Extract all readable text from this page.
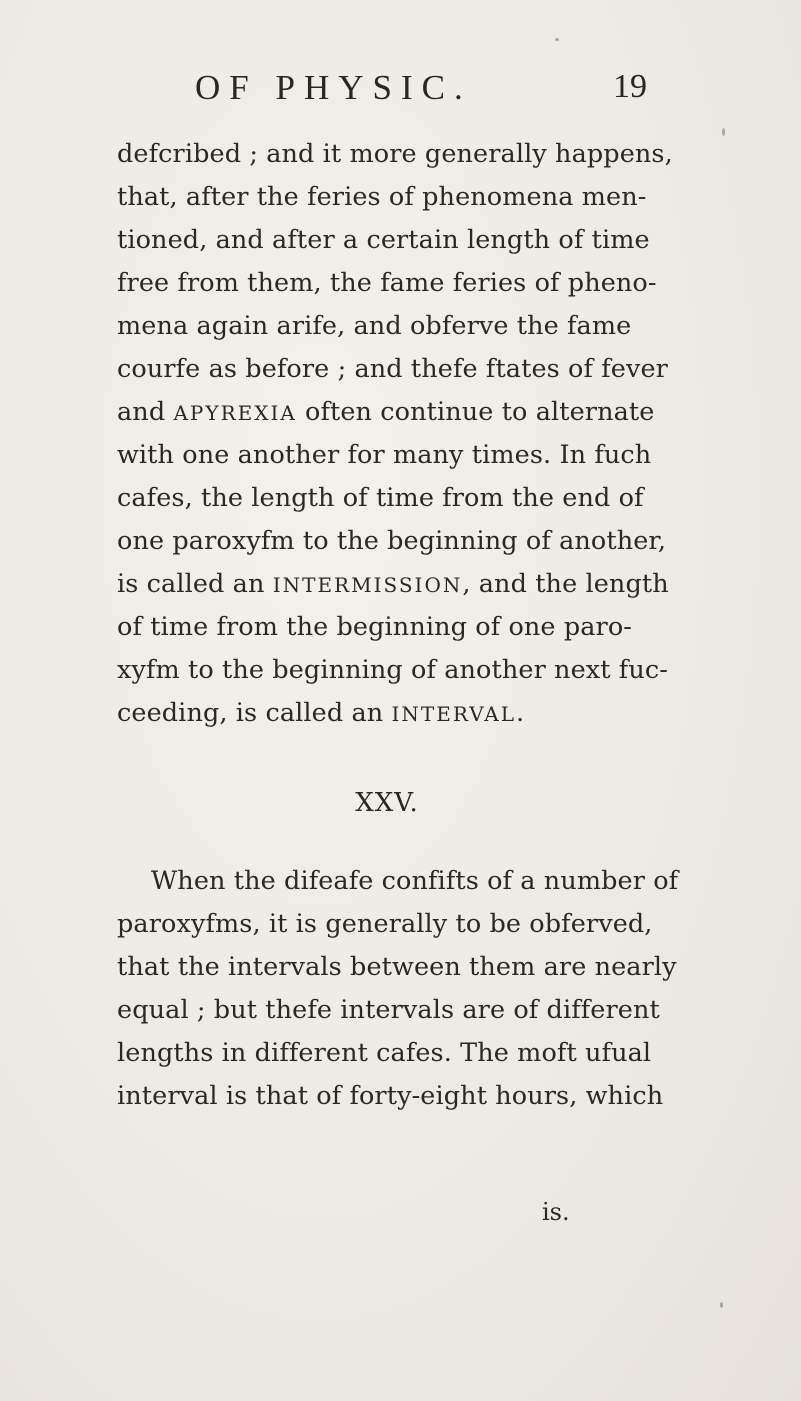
OF PHYSIC.	19
defcribed ; and it more generally happens,
that, after the feries of phenomena men-
tioned, and after a certain length of time
free from them, the fame feries of pheno-
mena again arife, and obferve the fame
courfe as before ; and thefe ftates of fever
and APYREXIA often continue to alternate
with one another for many times. In fuch
cafes, the length of time from the end of
one paroxyfm to the beginning of another,
is called an INTERMISSION, and the length
of time from the beginning of one paro-
xyfm to the beginning of another next fuc-
ceeding, is called an INTERVAL.
XXV.
When the difeafe confifts of a number of
paroxyfms, it is generally to be obferved,
that the intervals between them are nearly
equal ; but thefe intervals are of different
lengths in different cafes. The moft ufual
interval is that of forty-eight hours, which
is.
